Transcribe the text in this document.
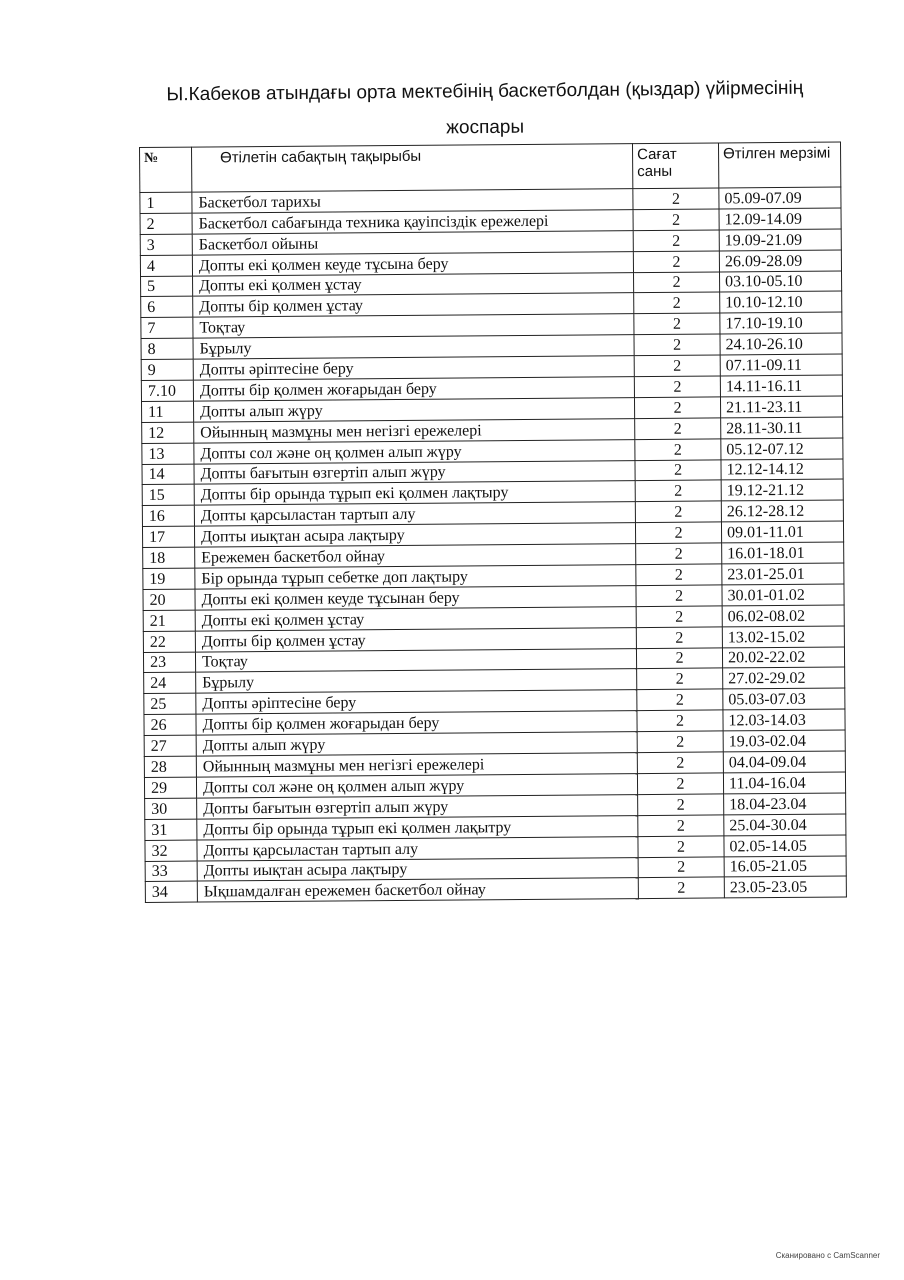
Ы.Кабеков атындағы орта мектебінің баскетболдан (қыздар) үйірмесінің
жоспары
№	Өтілетін сабақтың тақырыбы	Сағат саны	Өтілген мерзімі
1	Баскетбол тарихы	2	05.09-07.09
2	Баскетбол сабағында техника қауіпсіздік ережелері	2	12.09-14.09
3	Баскетбол ойыны	2	19.09-21.09
4	Допты екі қолмен кеуде тұсына беру	2	26.09-28.09
5	Допты екі қолмен ұстау	2	03.10-05.10
6	Допты бір қолмен ұстау	2	10.10-12.10
7	Тоқтау	2	17.10-19.10
8	Бұрылу	2	24.10-26.10
9	Допты әріптесіне беру	2	07.11-09.11
7.10	Допты бір қолмен жоғарыдан беру	2	14.11-16.11
11	Допты алып жүру	2	21.11-23.11
12	Ойынның мазмұны мен негізгі ережелері	2	28.11-30.11
13	Допты сол және оң қолмен алып жүру	2	05.12-07.12
14	Допты бағытын өзгертіп алып жүру	2	12.12-14.12
15	Допты бір орында тұрып екі қолмен лақтыру	2	19.12-21.12
16	Допты қарсыластан тартып алу	2	26.12-28.12
17	Допты иықтан асыра лақтыру	2	09.01-11.01
18	Ережемен баскетбол ойнау	2	16.01-18.01
19	Бір орында тұрып себетке доп лақтыру	2	23.01-25.01
20	Допты екі қолмен кеуде тұсынан беру	2	30.01-01.02
21	Допты екі қолмен ұстау	2	06.02-08.02
22	Допты бір қолмен ұстау	2	13.02-15.02
23	Тоқтау	2	20.02-22.02
24	Бұрылу	2	27.02-29.02
25	Допты әріптесіне беру	2	05.03-07.03
26	Допты бір қолмен жоғарыдан беру	2	12.03-14.03
27	Допты алып жүру	2	19.03-02.04
28	Ойынның мазмұны мен негізгі ережелері	2	04.04-09.04
29	Допты сол және оң қолмен алып жүру	2	11.04-16.04
30	Допты бағытын өзгертіп алып жүру	2	18.04-23.04
31	Допты бір орында тұрып екі қолмен лақытру	2	25.04-30.04
32	Допты қарсыластан тартып алу	2	02.05-14.05
33	Допты иықтан асыра лақтыру	2	16.05-21.05
34	Ықшамдалған ережемен баскетбол ойнау	2	23.05-23.05
Сканировано с CamScanner
